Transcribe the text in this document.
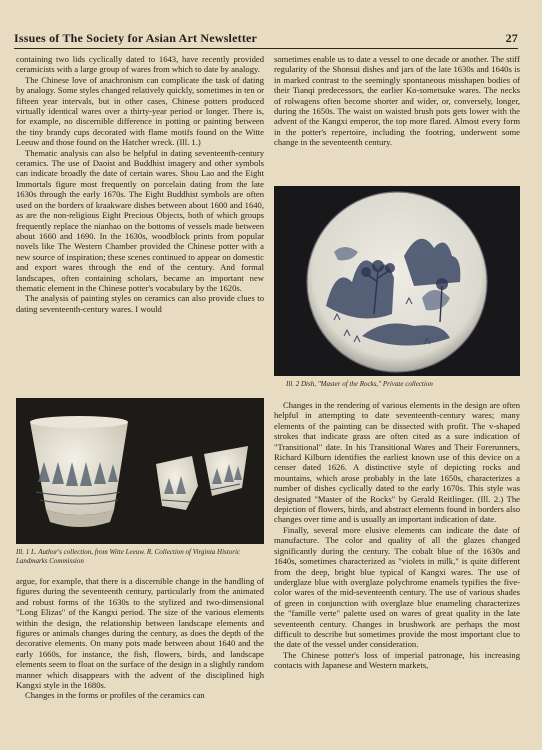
Issues of The Society for Asian Art Newsletter	27

containing two lids cyclically dated to 1643, have recently provided ceramicists with a large group of wares from which to date by analogy.

The Chinese love of anachronism can complicate the task of dating by analogy. Some styles changed relatively quickly, sometimes in ten or fifteen year intervals, but in other cases, Chinese potters produced virtually identical wares over a thirty-year period or longer. There is, for example, no discernible difference in potting or painting between the tiny brandy cups decorated with flame motifs found on the Witte Leeuw and those found on the Hatcher wreck. (Ill. 1.)

Thematic analysis can also be helpful in dating seventeenth-century ceramics. The use of Daoist and Buddhist imagery and other symbols can indicate broadly the date of certain wares. Shou Lao and the Eight Immortals figure most frequently on porcelain dating from the late 1630s through the early 1670s. The Eight Buddhist symbols are often used on the borders of kraakware dishes between about 1600 and 1640, as are the non-religious Eight Precious Objects, both of which groups frequently replace the nianhao on the bottoms of vessels made between about 1660 and 1690. In the 1630s, woodblock prints from popular novels like The Western Chamber provided the Chinese potter with a new source of inspiration; these scenes continued to appear on domestic and export wares through the end of the century. And formal landscapes, often containing scholars, became an important new thematic element in the Chinese potter's vocabulary by the 1620s.

The analysis of painting styles on ceramics can also provide clues to dating seventeenth-century wares. I would

Ill. 1 L. Author's collection, from Witte Leeuw. R. Collection of Virginia Historic Landmarks Commission

argue, for example, that there is a discernible change in the handling of figures during the seventeenth century, particularly from the animated and robust forms of the 1630s to the stylized and two-dimensional "Long Elizas" of the Kangxi period. The size of the various elements within the design, the relationship between landscape elements and figures or animals changes during the century, as does the depth of the decorative elements. On many pots made between about 1640 and the early 1660s, for instance, the fish, flowers, birds, and landscape elements seem to float on the surface of the design in a slightly random manner which disappears with the advent of the disciplined high Kangxi style in the 1680s.

Changes in the forms or profiles of the ceramics can

sometimes enable us to date a vessel to one decade or another. The stiff regularity of the Shonsui dishes and jars of the late 1630s and 1640s is in marked contrast to the seemingly spontaneous misshapen bodies of their Tianqi predecessors, the earlier Ko-sometsuke wares. The necks of rolwagens often become shorter and wider, or, conversely, longer, during the 1650s. The waist on waisted brush pots gets lower with the advent of the Kangxi emperor, the top more flared. Almost every form in the potter's repertoire, including the footring, underwent some change in the seventeenth century.

Ill. 2 Dish, "Master of the Rocks," Private collection

Changes in the rendering of various elements in the design are often helpful in attempting to date seventeenth-century wares; many elements of the painting can be dissected with profit. The v-shaped strokes that indicate grass are often cited as a sure indication of "Transitional" date. In his Transitional Wares and Their Forerunners, Richard Kilburn identifies the earliest known use of this device on a censer dated 1626. A distinctive style of depicting rocks and mountains, which arose probably in the late 1650s, characterizes a number of dishes cyclically dated to the early 1670s. This style was designated "Master of the Rocks" by Gerald Reitlinger. (Ill. 2.) The depiction of flowers, birds, and abstract elements found in borders also changes over time and is usually an important indication of date.

Finally, several more elusive elements can indicate the date of manufacture. The color and quality of all the glazes changed significantly during the century. The cobalt blue of the 1630s and 1640s, sometimes characterized as "violets in milk," is quite different from the deep, bright blue typical of Kangxi wares. The use of underglaze blue with overglaze polychrome enamels typifies the five-color wares of the mid-seventeenth century. The use of various shades of green in conjunction with overglaze blue enameling characterizes the "famille verte" palette used on wares of great quality in the late seventeenth century. Changes in brushwork are perhaps the most difficult to describe but sometimes provide the most important clue to the date of the vessel under consideration.

The Chinese potter's loss of imperial patronage, his increasing contacts with Japanese and Western markets,
